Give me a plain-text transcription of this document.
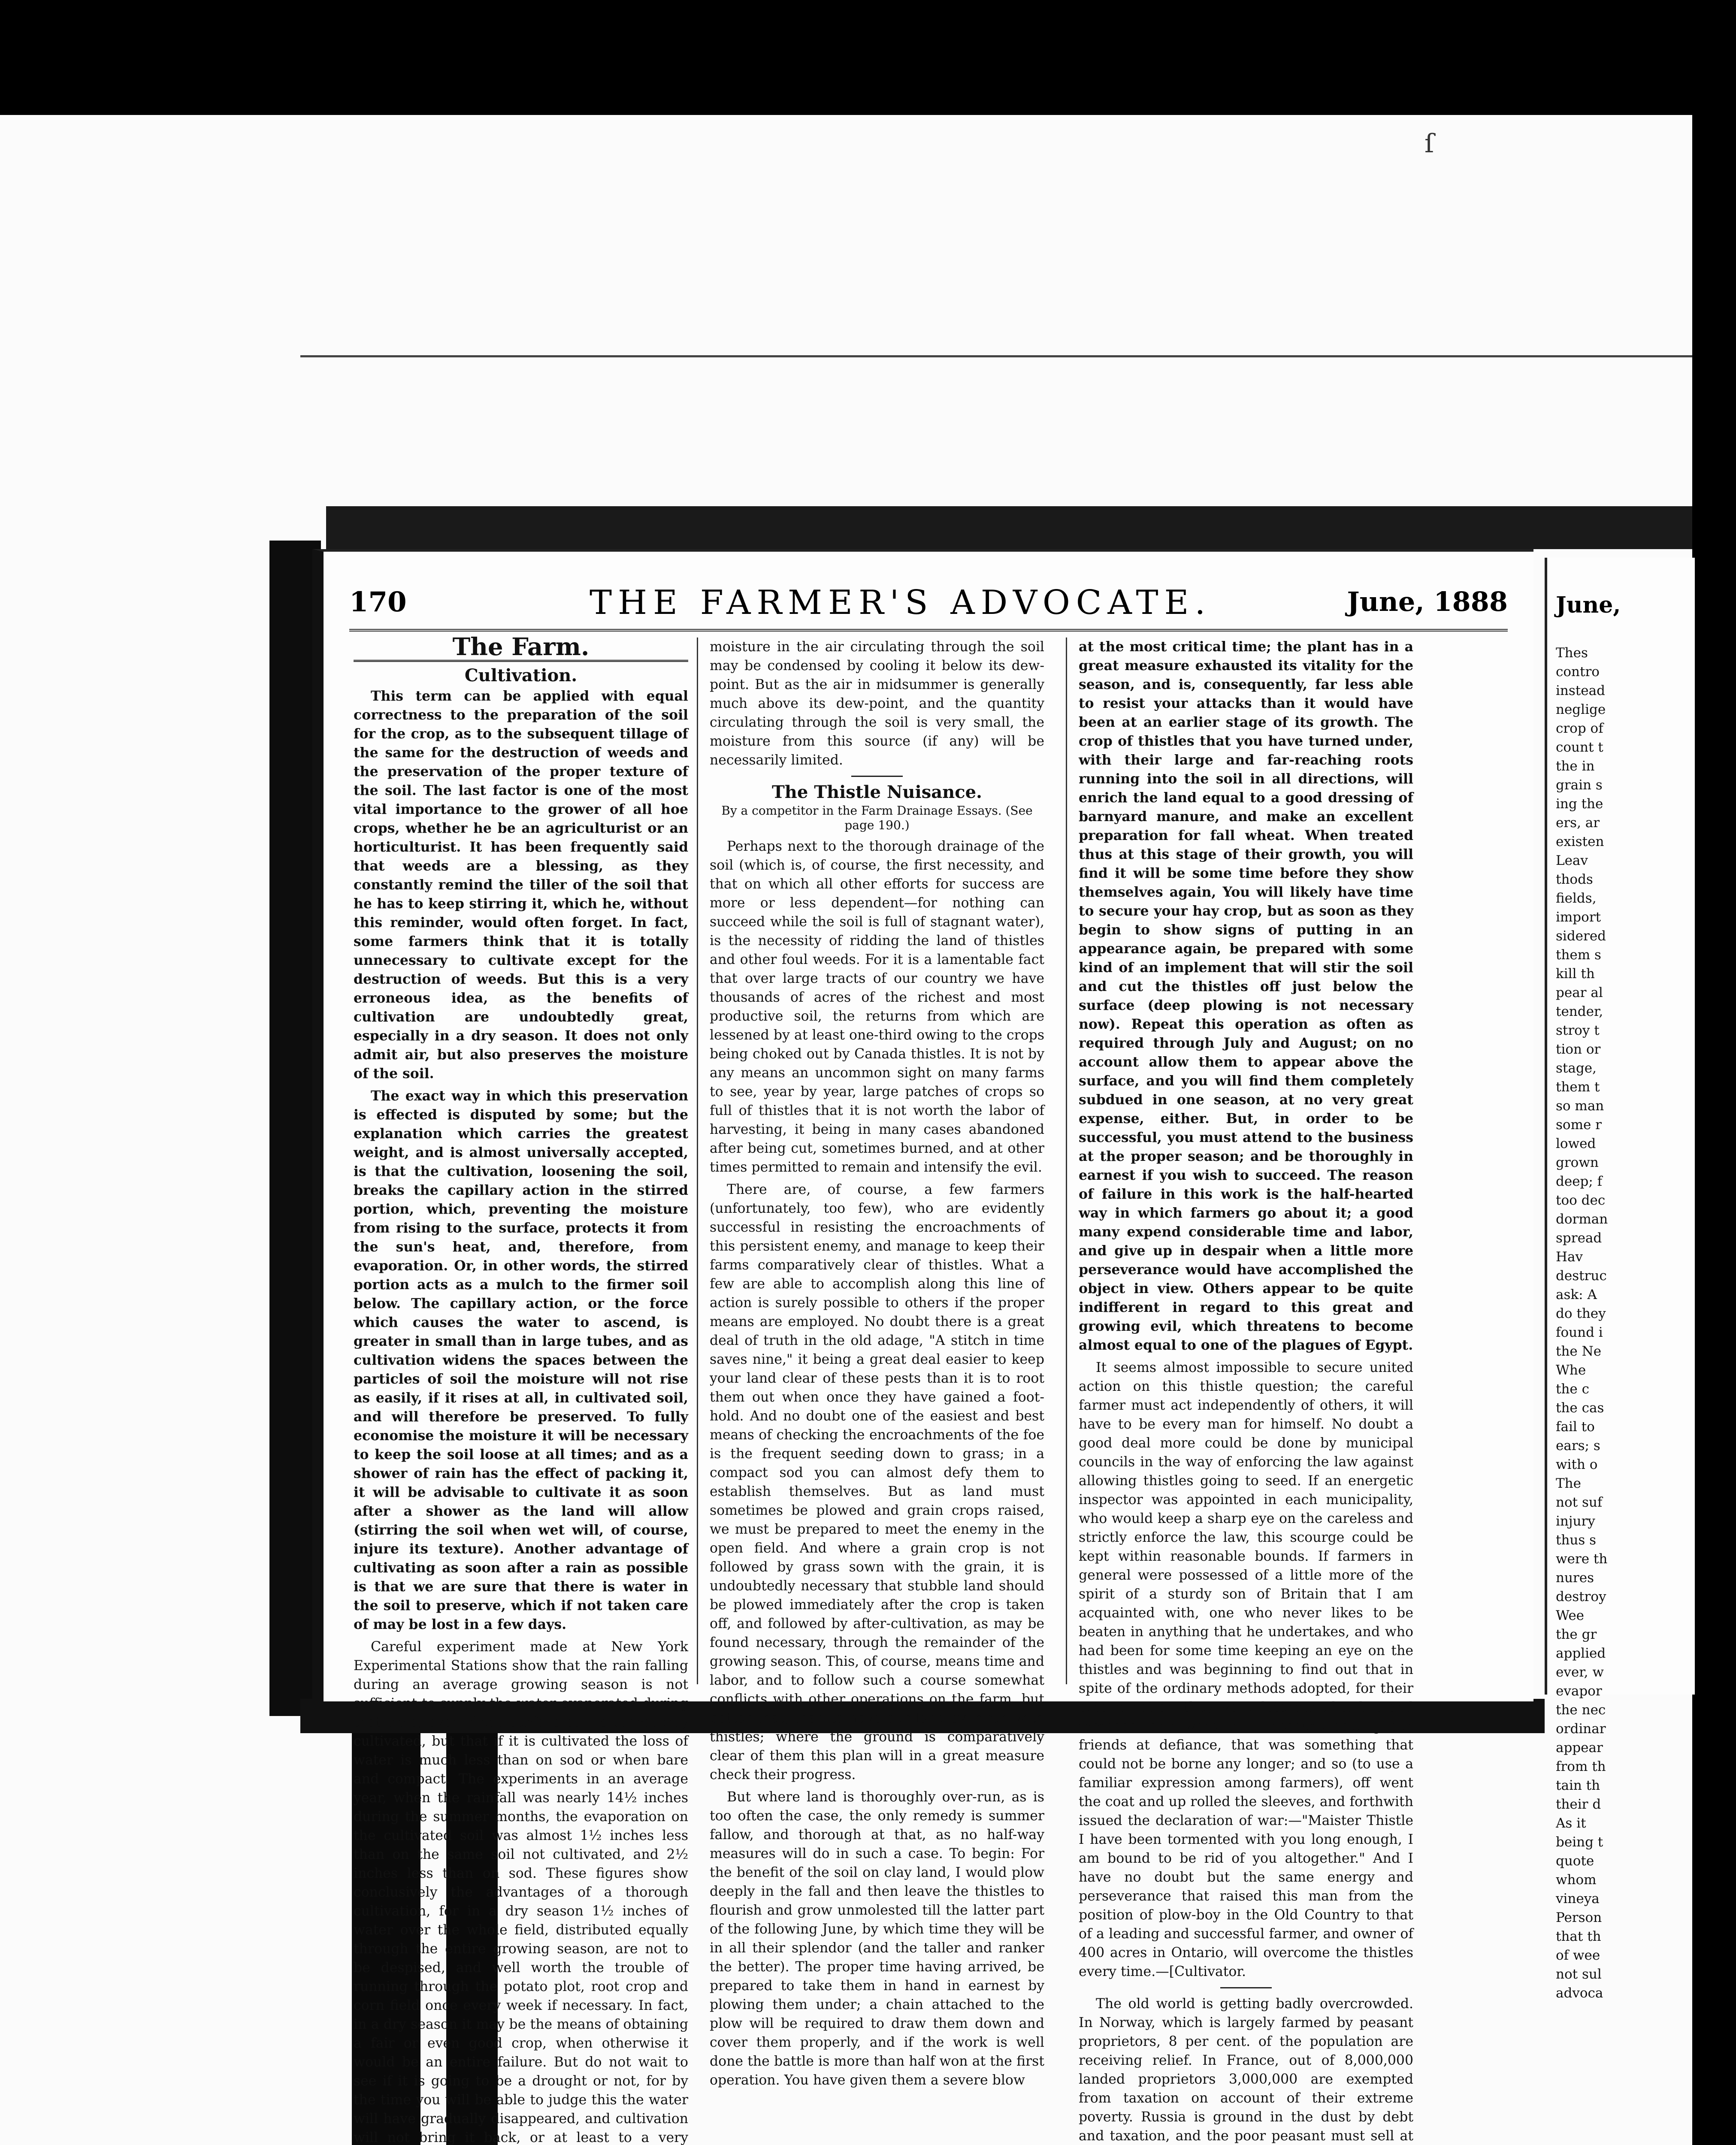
ſ
170	THE FARMER'S ADVOCATE.	June, 1888
The Farm.
Cultivation.

This term can be applied with equal correctness to the preparation of the soil for the crop, as to the subsequent tillage of the same for the destruction of weeds and the preservation of the proper texture of the soil. The last factor is one of the most vital importance to the grower of all hoe crops, whether he be an agriculturist or an horticulturist. It has been frequently said that weeds are a blessing, as they constantly remind the tiller of the soil that he has to keep stirring it, which he, without this reminder, would often forget. In fact, some farmers think that it is totally unnecessary to cultivate except for the destruction of weeds. But this is a very erroneous idea, as the benefits of cultivation are undoubtedly great, especially in a dry season. It does not only admit air, but also preserves the moisture of the soil.

The exact way in which this preservation is effected is disputed by some; but the explanation which carries the greatest weight, and is almost universally accepted, is that the cultivation, loosening the soil, breaks the capillary action in the stirred portion, which, preventing the moisture from rising to the surface, protects it from the sun's heat, and, therefore, from evaporation. Or, in other words, the stirred portion acts as a mulch to the firmer soil below. The capillary action, or the force which causes the water to ascend, is greater in small than in large tubes, and as cultivation widens the spaces between the particles of soil the moisture will not rise as easily, if it rises at all, in cultivated soil, and will therefore be preserved. To fully economise the moisture it will be necessary to keep the soil loose at all times; and as a shower of rain has the effect of packing it, it will be advisable to cultivate it as soon after a shower as the land will allow (stirring the soil when wet will, of course, injure its texture). Another advantage of cultivating as soon after a rain as possible is that we are sure that there is water in the soil to preserve, which if not taken care of may be lost in a few days.

Careful experiment made at New York Experimental Stations show that the rain falling during an average growing season is not sufficient to supply the water evaporated during that time, even if the surface soil is thoroughly cultivated, but that if it is cultivated the loss of water is much less than on sod or when bare and compact. The experiments in an average year, when the rainfall was nearly 14½ inches during the summer months, the evaporation on the cultivated soil was almost 1½ inches less than on the same soil not cultivated, and 2½ inches less than on sod. These figures show conclusively the advantages of a thorough cultivation, for in a dry season 1½ inches of water over the whole field, distributed equally through the entire growing season, are not to be despised, and well worth the trouble of running through the potato plot, root crop and corn field once every week if necessary. In fact, in a dry season it may be the means of obtaining a fair or even good crop, when otherwise it would be an entire failure. But do not wait to see if it is going to be a drought or not, for by the time you will be able to judge this the water will have gradually disappeared, and cultivation will not bring it back, or at least to a very

moisture in the air circulating through the soil may be condensed by cooling it below its dew-point. But as the air in midsummer is generally much above its dew-point, and the quantity circulating through the soil is very small, the moisture from this source (if any) will be necessarily limited.

The Thistle Nuisance.
By a competitor in the Farm Drainage Essays. (See page 190.)

Perhaps next to the thorough drainage of the soil (which is, of course, the first necessity, and that on which all other efforts for success are more or less dependent—for nothing can succeed while the soil is full of stagnant water), is the necessity of ridding the land of thistles and other foul weeds. For it is a lamentable fact that over large tracts of our country we have thousands of acres of the richest and most productive soil, the returns from which are lessened by at least one-third owing to the crops being choked out by Canada thistles. It is not by any means an uncommon sight on many farms to see, year by year, large patches of crops so full of thistles that it is not worth the labor of harvesting, it being in many cases abandoned after being cut, sometimes burned, and at other times permitted to remain and intensify the evil.

There are, of course, a few farmers (unfortunately, too few), who are evidently successful in resisting the encroachments of this persistent enemy, and manage to keep their farms comparatively clear of thistles. What a few are able to accomplish along this line of action is surely possible to others if the proper means are employed. No doubt there is a great deal of truth in the old adage, "A stitch in time saves nine," it being a great deal easier to keep your land clear of these pests than it is to root them out when once they have gained a foot-hold. And no doubt one of the easiest and best means of checking the encroachments of the foe is the frequent seeding down to grass; in a compact sod you can almost defy them to establish themselves. But as land must sometimes be plowed and grain crops raised, we must be prepared to meet the enemy in the open field. And where a grain crop is not followed by grass sown with the grain, it is undoubtedly necessary that stubble land should be plowed immediately after the crop is taken off, and followed by after-cultivation, as may be found necessary, through the remainder of the growing season. This, of course, means time and labor, and to follow such a course somewhat conflicts with other operations on the farm, but better that, than to have our land over-run with thistles; where the ground is comparatively clear of them this plan will in a great measure check their progress.

But where land is thoroughly over-run, as is too often the case, the only remedy is summer fallow, and thorough at that, as no half-way measures will do in such a case. To begin: For the benefit of the soil on clay land, I would plow deeply in the fall and then leave the thistles to flourish and grow unmolested till the latter part of the following June, by which time they will be in all their splendor (and the taller and ranker the better). The proper time having arrived, be prepared to take them in hand in earnest by plowing them under; a chain attached to the plow will be required to draw them down and cover them properly, and if the work is well done the battle is more than half won at the first operation. You have given them a severe blow

at the most critical time; the plant has in a great measure exhausted its vitality for the season, and is, consequently, far less able to resist your attacks than it would have been at an earlier stage of its growth. The crop of thistles that you have turned under, with their large and far-reaching roots running into the soil in all directions, will enrich the land equal to a good dressing of barnyard manure, and make an excellent preparation for fall wheat. When treated thus at this stage of their growth, you will find it will be some time before they show themselves again, You will likely have time to secure your hay crop, but as soon as they begin to show signs of putting in an appearance again, be prepared with some kind of an implement that will stir the soil and cut the thistles off just below the surface (deep plowing is not necessary now). Repeat this operation as often as required through July and August; on no account allow them to appear above the surface, and you will find them completely subdued in one season, at no very great expense, either. But, in order to be successful, you must attend to the business at the proper season; and be thoroughly in earnest if you wish to succeed. The reason of failure in this work is the half-hearted way in which farmers go about it; a good many expend considerable time and labor, and give up in despair when a little more perseverance would have accomplished the object in view. Others appear to be quite indifferent in regard to this great and growing evil, which threatens to become almost equal to one of the plagues of Egypt.

It seems almost impossible to secure united action on this thistle question; the careful farmer must act independently of others, it will have to be every man for himself. No doubt a good deal more could be done by municipal councils in the way of enforcing the law against allowing thistles going to seed. If an energetic inspector was appointed in each municipality, who would keep a sharp eye on the careless and strictly enforce the law, this scourge could be kept within reasonable bounds. If farmers in general were possessed of a little more of the spirit of a sturdy son of Britain that I am acquainted with, one who never likes to be beaten in anything that he undertakes, and who had been for some time keeping an eye on the thistles and was beginning to find out that in spite of the ordinary methods adopted, for their extermination, they were determined to live and increase, and were in a measure setting our friends at defiance, that was something that could not be borne any longer; and so (to use a familiar expression among farmers), off went the coat and up rolled the sleeves, and forthwith issued the declaration of war:—"Maister Thistle I have been tormented with you long enough, I am bound to be rid of you altogether." And I have no doubt but the same energy and perseverance that raised this man from the position of plow-boy in the Old Country to that of a leading and successful farmer, and owner of 400 acres in Ontario, will overcome the thistles every time.—[Cultivator.

The old world is getting badly overcrowded. In Norway, which is largely farmed by peasant proprietors, 8 per cent. of the population are receiving relief. In France, out of 8,000,000 landed proprietors 3,000,000 are exempted from taxation on account of their extreme poverty. Russia is ground in the dust by debt and taxation, and the poor peasant must sell at

June,
Thes
contro
instead
neglige
crop of
count t
the in
grain s
ing the
ers, ar
existen
Leav
thods
fields,
import
sidered
them s
kill th
pear al
tender,
stroy t
tion or
stage,
them t
so man
some r
lowed
grown
deep; f
too dec
dorman
spread
Hav
destruc
ask: A
do they
found i
the Ne
Whe
the c
the cas
fail to
ears; s
with o
The
not suf
injury
thus s
were th
nures
destroy
Wee
the gr
applied
ever, w
evapor
the nec
ordinar
appear
from th
tain th
their d
As it
being t
quote
whom
vineya
Person
that th
of wee
not sul
advoca
